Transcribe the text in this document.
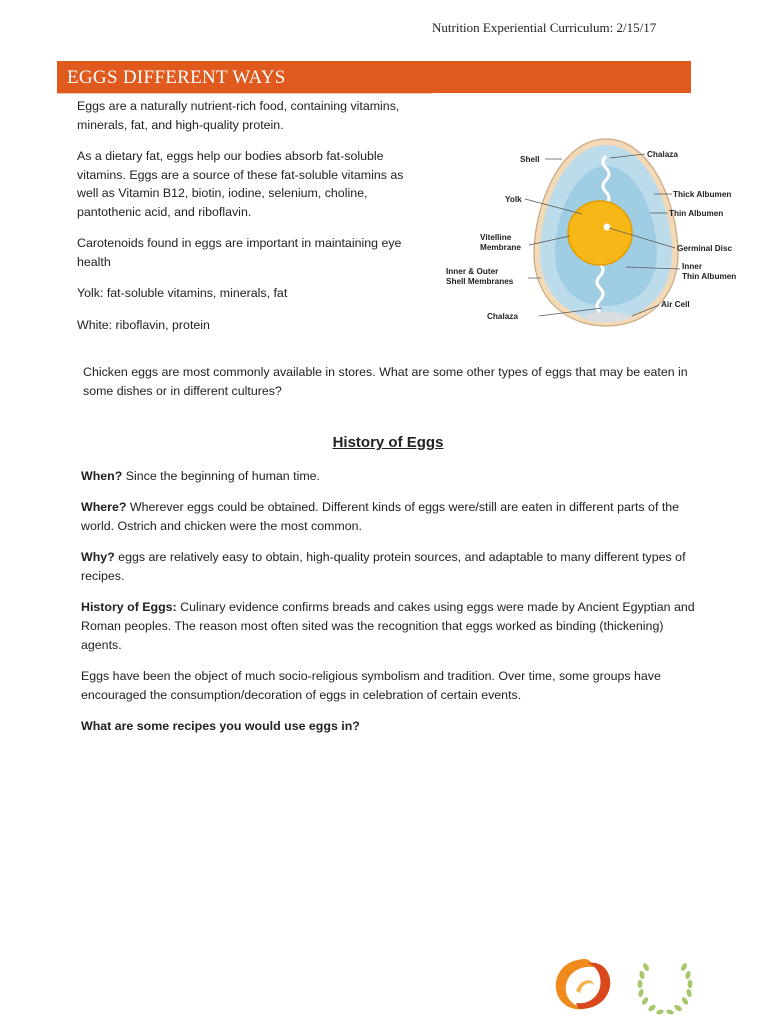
Nutrition Experiential Curriculum: 2/15/17
EGGS DIFFERENT WAYS

Eggs are a naturally nutrient-rich food, containing vitamins, minerals, fat, and high-quality protein.

As a dietary fat, eggs help our bodies absorb fat-soluble vitamins. Eggs are a source of these fat-soluble vitamins as well as Vitamin B12, biotin, iodine, selenium, choline, pantothenic acid, and riboflavin.

Carotenoids found in eggs are important in maintaining eye health

Yolk: fat-soluble vitamins, minerals, fat

White: riboflavin, protein

Shell
Chalaza
Thick Albumen
Yolk
Thin Albumen
Vitelline
Membrane	Germinal Disc
Inner
Thin Albumen
Inner & Outer
Shell Membranes
Air Cell
Chalaza
Chicken eggs are most commonly available in stores. What are some other types of eggs that may be eaten in some dishes or in different cultures?
History of Eggs

When? Since the beginning of human time.

Where? Wherever eggs could be obtained. Different kinds of eggs were/still are eaten in different parts of the world. Ostrich and chicken were the most common.

Why? eggs are relatively easy to obtain, high-quality protein sources, and adaptable to many different types of recipes.

History of Eggs: Culinary evidence confirms breads and cakes using eggs were made by Ancient Egyptian and Roman peoples. The reason most often sited was the recognition that eggs worked as binding (thickening) agents.

Eggs have been the object of much socio-religious symbolism and tradition. Over time, some groups have encouraged the consumption/decoration of eggs in celebration of certain events.

What are some recipes you would use eggs in?
